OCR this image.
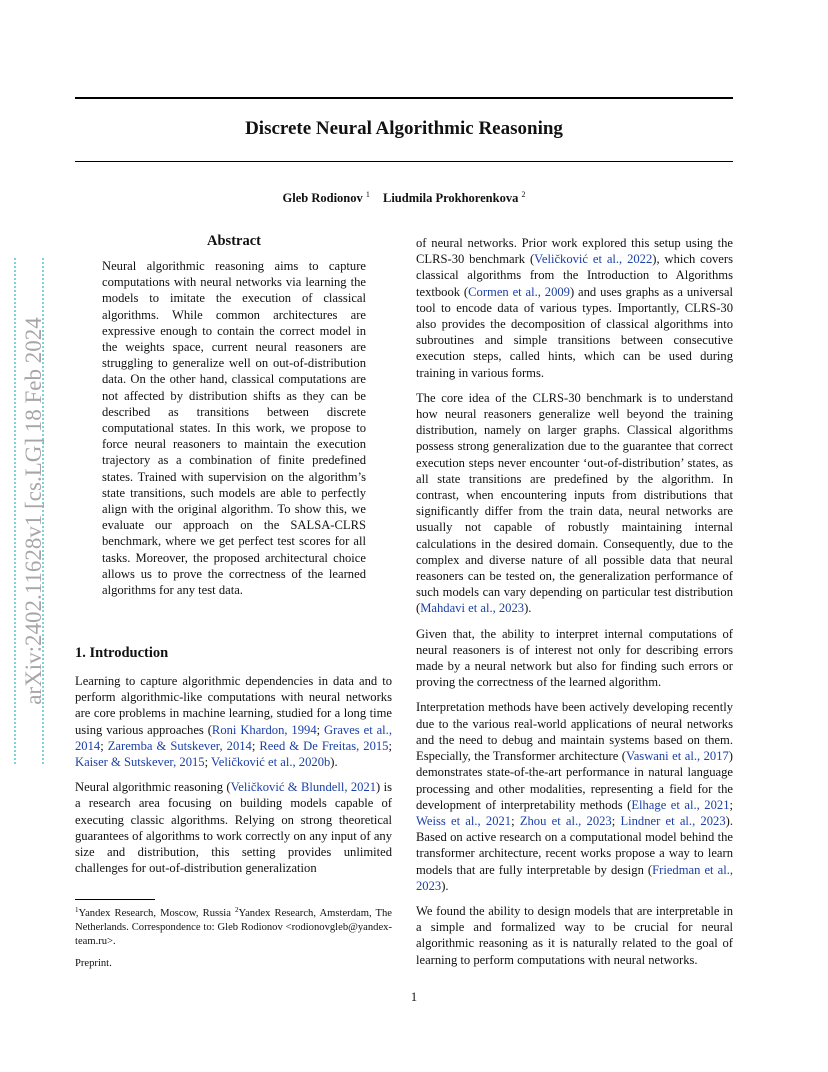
arXiv:2402.11628v1 [cs.LG] 18 Feb 2024
Discrete Neural Algorithmic Reasoning
Gleb Rodionov $^1$ Liudmila Prokhorenkova $^2$
Abstract

Neural algorithmic reasoning aims to capture computations with neural networks via learning the models to imitate the execution of classical algorithms. While common architectures are expressive enough to contain the correct model in the weights space, current neural reasoners are struggling to generalize well on out-of-distribution data. On the other hand, classical computations are not affected by distribution shifts as they can be described as transitions between discrete computational states. In this work, we propose to force neural reasoners to maintain the execution trajectory as a combination of finite predefined states. Trained with supervision on the algorithm’s state transitions, such models are able to perfectly align with the original algorithm. To show this, we evaluate our approach on the SALSA-CLRS benchmark, where we get perfect test scores for all tasks. Moreover, the proposed architectural choice allows us to prove the correctness of the learned algorithms for any test data.

1. Introduction

Learning to capture algorithmic dependencies in data and to perform algorithmic-like computations with neural networks are core problems in machine learning, studied for a long time using various approaches (Roni Khardon, 1994; Graves et al., 2014; Zaremba & Sutskever, 2014; Reed & De Freitas, 2015; Kaiser & Sutskever, 2015; Veličković et al., 2020b).

Neural algorithmic reasoning (Veličković & Blundell, 2021) is a research area focusing on building models capable of executing classic algorithms. Relying on strong theoretical guarantees of algorithms to work correctly on any input of any size and distribution, this setting provides unlimited challenges for out-of-distribution generalization

of neural networks. Prior work explored this setup using the CLRS-30 benchmark (Veličković et al., 2022), which covers classical algorithms from the Introduction to Algorithms textbook (Cormen et al., 2009) and uses graphs as a universal tool to encode data of various types. Importantly, CLRS-30 also provides the decomposition of classical algorithms into subroutines and simple transitions between consecutive execution steps, called hints, which can be used during training in various forms.

The core idea of the CLRS-30 benchmark is to understand how neural reasoners generalize well beyond the training distribution, namely on larger graphs. Classical algorithms possess strong generalization due to the guarantee that correct execution steps never encounter ‘out-of-distribution’ states, as all state transitions are predefined by the algorithm. In contrast, when encountering inputs from distributions that significantly differ from the train data, neural networks are usually not capable of robustly maintaining internal calculations in the desired domain. Consequently, due to the complex and diverse nature of all possible data that neural reasoners can be tested on, the generalization performance of such models can vary depending on particular test distribution (Mahdavi et al., 2023).

Given that, the ability to interpret internal computations of neural reasoners is of interest not only for describing errors made by a neural network but also for finding such errors or proving the correctness of the learned algorithm.

Interpretation methods have been actively developing recently due to the various real-world applications of neural networks and the need to debug and maintain systems based on them. Especially, the Transformer architecture (Vaswani et al., 2017) demonstrates state-of-the-art performance in natural language processing and other modalities, representing a field for the development of interpretability methods (Elhage et al., 2021; Weiss et al., 2021; Zhou et al., 2023; Lindner et al., 2023). Based on active research on a computational model behind the transformer architecture, recent works propose a way to learn models that are fully interpretable by design (Friedman et al., 2023).

We found the ability to design models that are interpretable in a simple and formalized way to be crucial for neural algorithmic reasoning as it is naturally related to the goal of learning to perform computations with neural networks.

$^1$Yandex Research, Moscow, Russia $^2$Yandex Research, Amsterdam, The Netherlands. Correspondence to: Gleb Rodionov <rodionovgleb@yandex-team.ru>.
Preprint.
1
